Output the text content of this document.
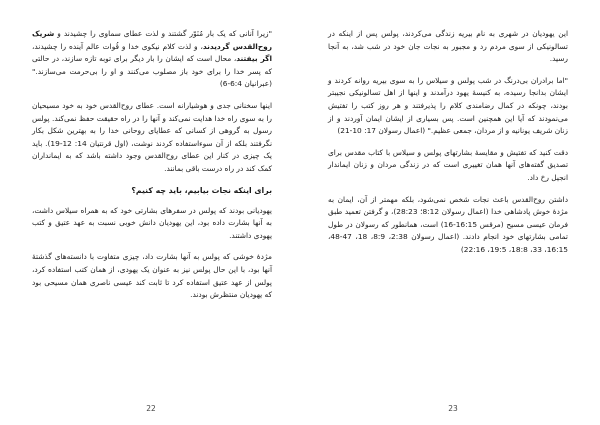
"زیرا آنانی که یک بار مُنَوّر گشتند و لذت عطای سماوی را چشیدند و شریک روح‌القدس گردیدند، و لذت کلام نیکوی خدا و قُوات عالم آینده را چشیدند، اگر بیفتند، محال است که ایشان را بار دیگر برای توبه تازه سازند، در حالتی که پسر خدا را برای خود باز مصلوب می‌کنند و او را بی‌حرمت می‌سازند." (عبرانیان 6:4-6)

اینها سخنانی جدی و هوشیارانه است. عطای روح‌القدس خود به خود مسیحیان را به سوی راه خدا هدایت نمی‌کند و آنها را در راه حقیقت حفظ نمی‌کند. پولس رسول به گروهی از کسانی که عطایای روحانی خدا را به بهترین شکل بکار نگرفتند بلکه از آن سوءاستفاده کردند نوشت، (اول قرنتیان 14: 12-19). باید یک چیزی در کنار این عطای روح‌القدس وجود داشته باشد که به ایمانداران کمک کند در راه درست باقی بمانند.

برای اینکه نجات بیابیم، باید چه کنیم؟

یهودیانی بودند که پولس در سفرهای بشارتی خود که به همراه سیلاس داشت، به آنها بشارت داده بود، این یهودیان دانش خوبی نسبت به عهد عتیق و کتب یهودی داشتند.

مژدهٔ خوشی که پولس به آنها بشارت داد، چیزی متفاوت با دانسته‌های گذشتهٔ آنها بود، با این حال پولس نیز به عنوان یک یهودی، از همان کتب استفاده کرد، پولس از عهد عتیق استفاده کرد تا ثابت کند عیسی ناصری همان مسیحی بود که یهودیان منتظرش بودند.

22

این یهودیان در شهری به نام بیریه زندگی می‌کردند، پولس پس از اینکه در تسالونیکی از سوی مردم رد و مجبور به نجات جان خود در شب شد، به آنجا رسید.

"اما برادران بی‌درنگ در شب پولس و سیلاس را به سوی بیریه روانه کردند و ایشان بدانجا رسیده، به کنیسهٔ یهود درآمدند و اینها از اهل تسالونیکی نجیبتر بودند، چونکه در کمال رضامندی کلام را پذیرفتند و هر روز کتب را تفتیش می‌نمودند که آیا این همچنین است. پس بسیاری از ایشان ایمان آوردند و از زنان شریف یونانیه و از مردان، جمعی عظیم." (اعمال رسولان 17: 10-21)

دقت کنید که تفتیش و مقایسهٔ بشارتهای پولس و سیلاس با کتاب مقدس برای تصدیق گفته‌های آنها همان تغییری است که در زندگی مردان و زنان ایماندار انجیل رخ داد.

داشتن روح‌القدس باعث نجات شخص نمی‌شود، بلکه مهمتر از آن، ایمان به مژدهٔ خوش پادشاهی خدا (اعمال رسولان 8:12؛ 28:23)، و گرفتن تعمید طبق فرمان عیسی مسیح (مرقس 16:15-16) است، همانطور که رسولان در طول تمامی بشارتهای خود انجام دادند. (اعمال رسولان 2:38، 8:9، 18، 47-48، 16:15، 33، 18:8، 19:5، 22:16)

23
